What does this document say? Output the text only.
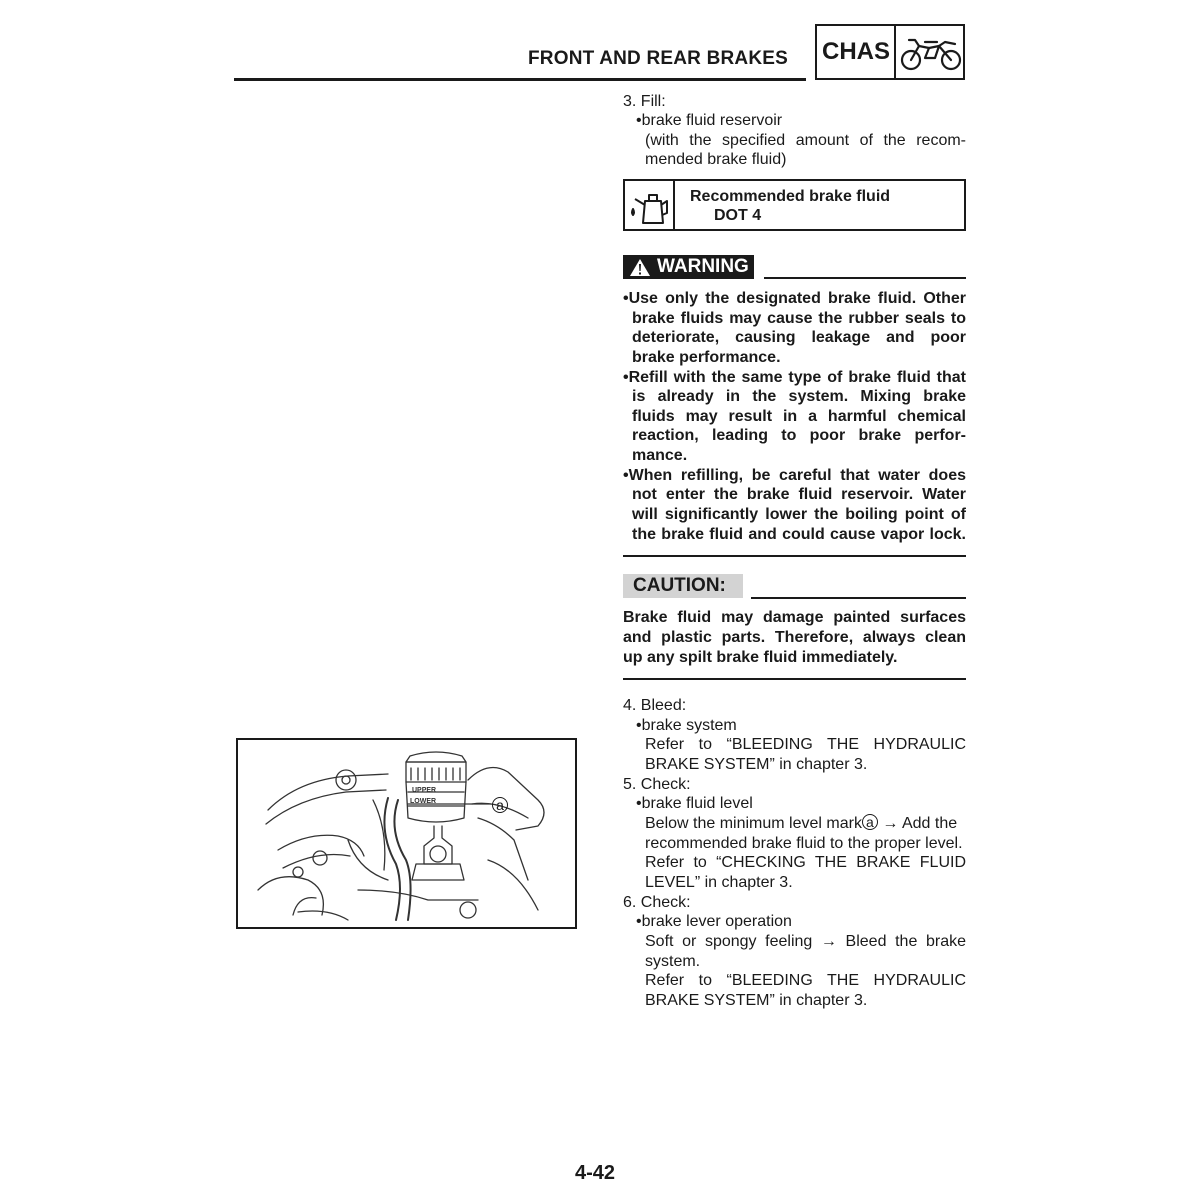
FRONT AND REAR BRAKES CHAS
3. Fill:
•brake fluid reservoir
(with the specified amount of the recom-
mended brake fluid)
Recommended brake fluid
DOT 4
WARNING
•Use only the designated brake fluid. Other
brake fluids may cause the rubber seals to
deteriorate, causing leakage and poor
brake performance.
•Refill with the same type of brake fluid that
is already in the system. Mixing brake
fluids may result in a harmful chemical
reaction, leading to poor brake perfor-
mance.
•When refilling, be careful that water does
not enter the brake fluid reservoir. Water
will significantly lower the boiling point of
the brake fluid and could cause vapor lock.
CAUTION:
Brake fluid may damage painted surfaces
and plastic parts. Therefore, always clean
up any spilt brake fluid immediately.
4. Bleed:
•brake system
Refer to “BLEEDING THE HYDRAULIC
BRAKE SYSTEM” in chapter 3.
5. Check:
•brake fluid level
Below the minimum level mark a → Add the
recommended brake fluid to the proper level.
Refer to “CHECKING THE BRAKE FLUID
LEVEL” in chapter 3.
6. Check:
•brake lever operation
Soft or spongy feeling → Bleed the brake
system.
Refer to “BLEEDING THE HYDRAULIC
BRAKE SYSTEM” in chapter 3.
UPPER
LOWER	a
4-42
